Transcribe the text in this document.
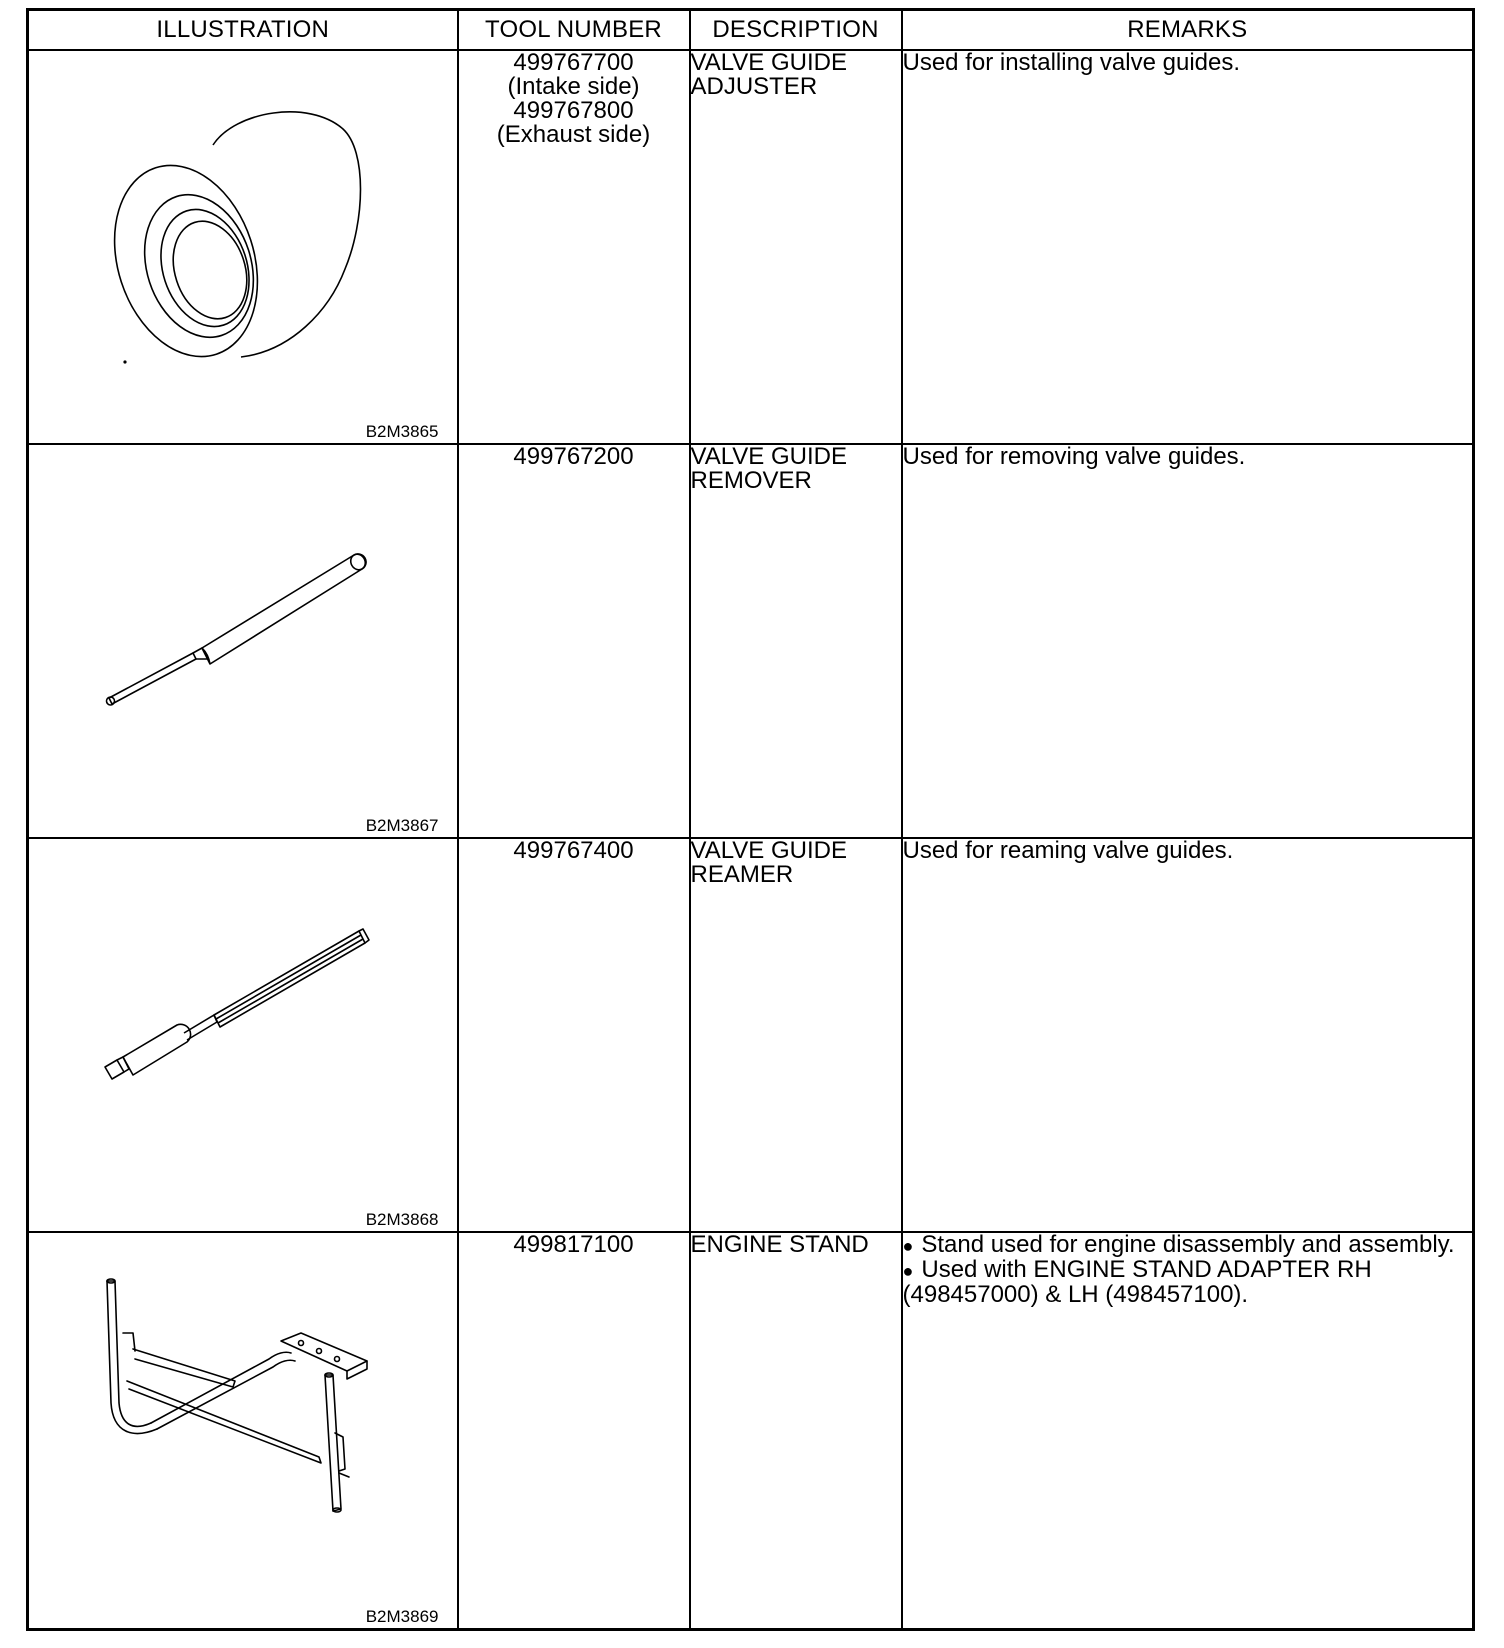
ILLUSTRATION	TOOL NUMBER	DESCRIPTION	REMARKS

B2M3865	499767700
(Intake side)
499767800
(Exhaust side)	VALVE GUIDE
ADJUSTER	Used for installing valve guides.

B2M3867	499767200	VALVE GUIDE
REMOVER	Used for removing valve guides.

B2M3868	499767400	VALVE GUIDE
REAMER	Used for reaming valve guides.

B2M3869	499817100	ENGINE STAND	● Stand used for engine disassembly and assembly.
● Used with ENGINE STAND ADAPTER RH (498457000) & LH (498457100).
